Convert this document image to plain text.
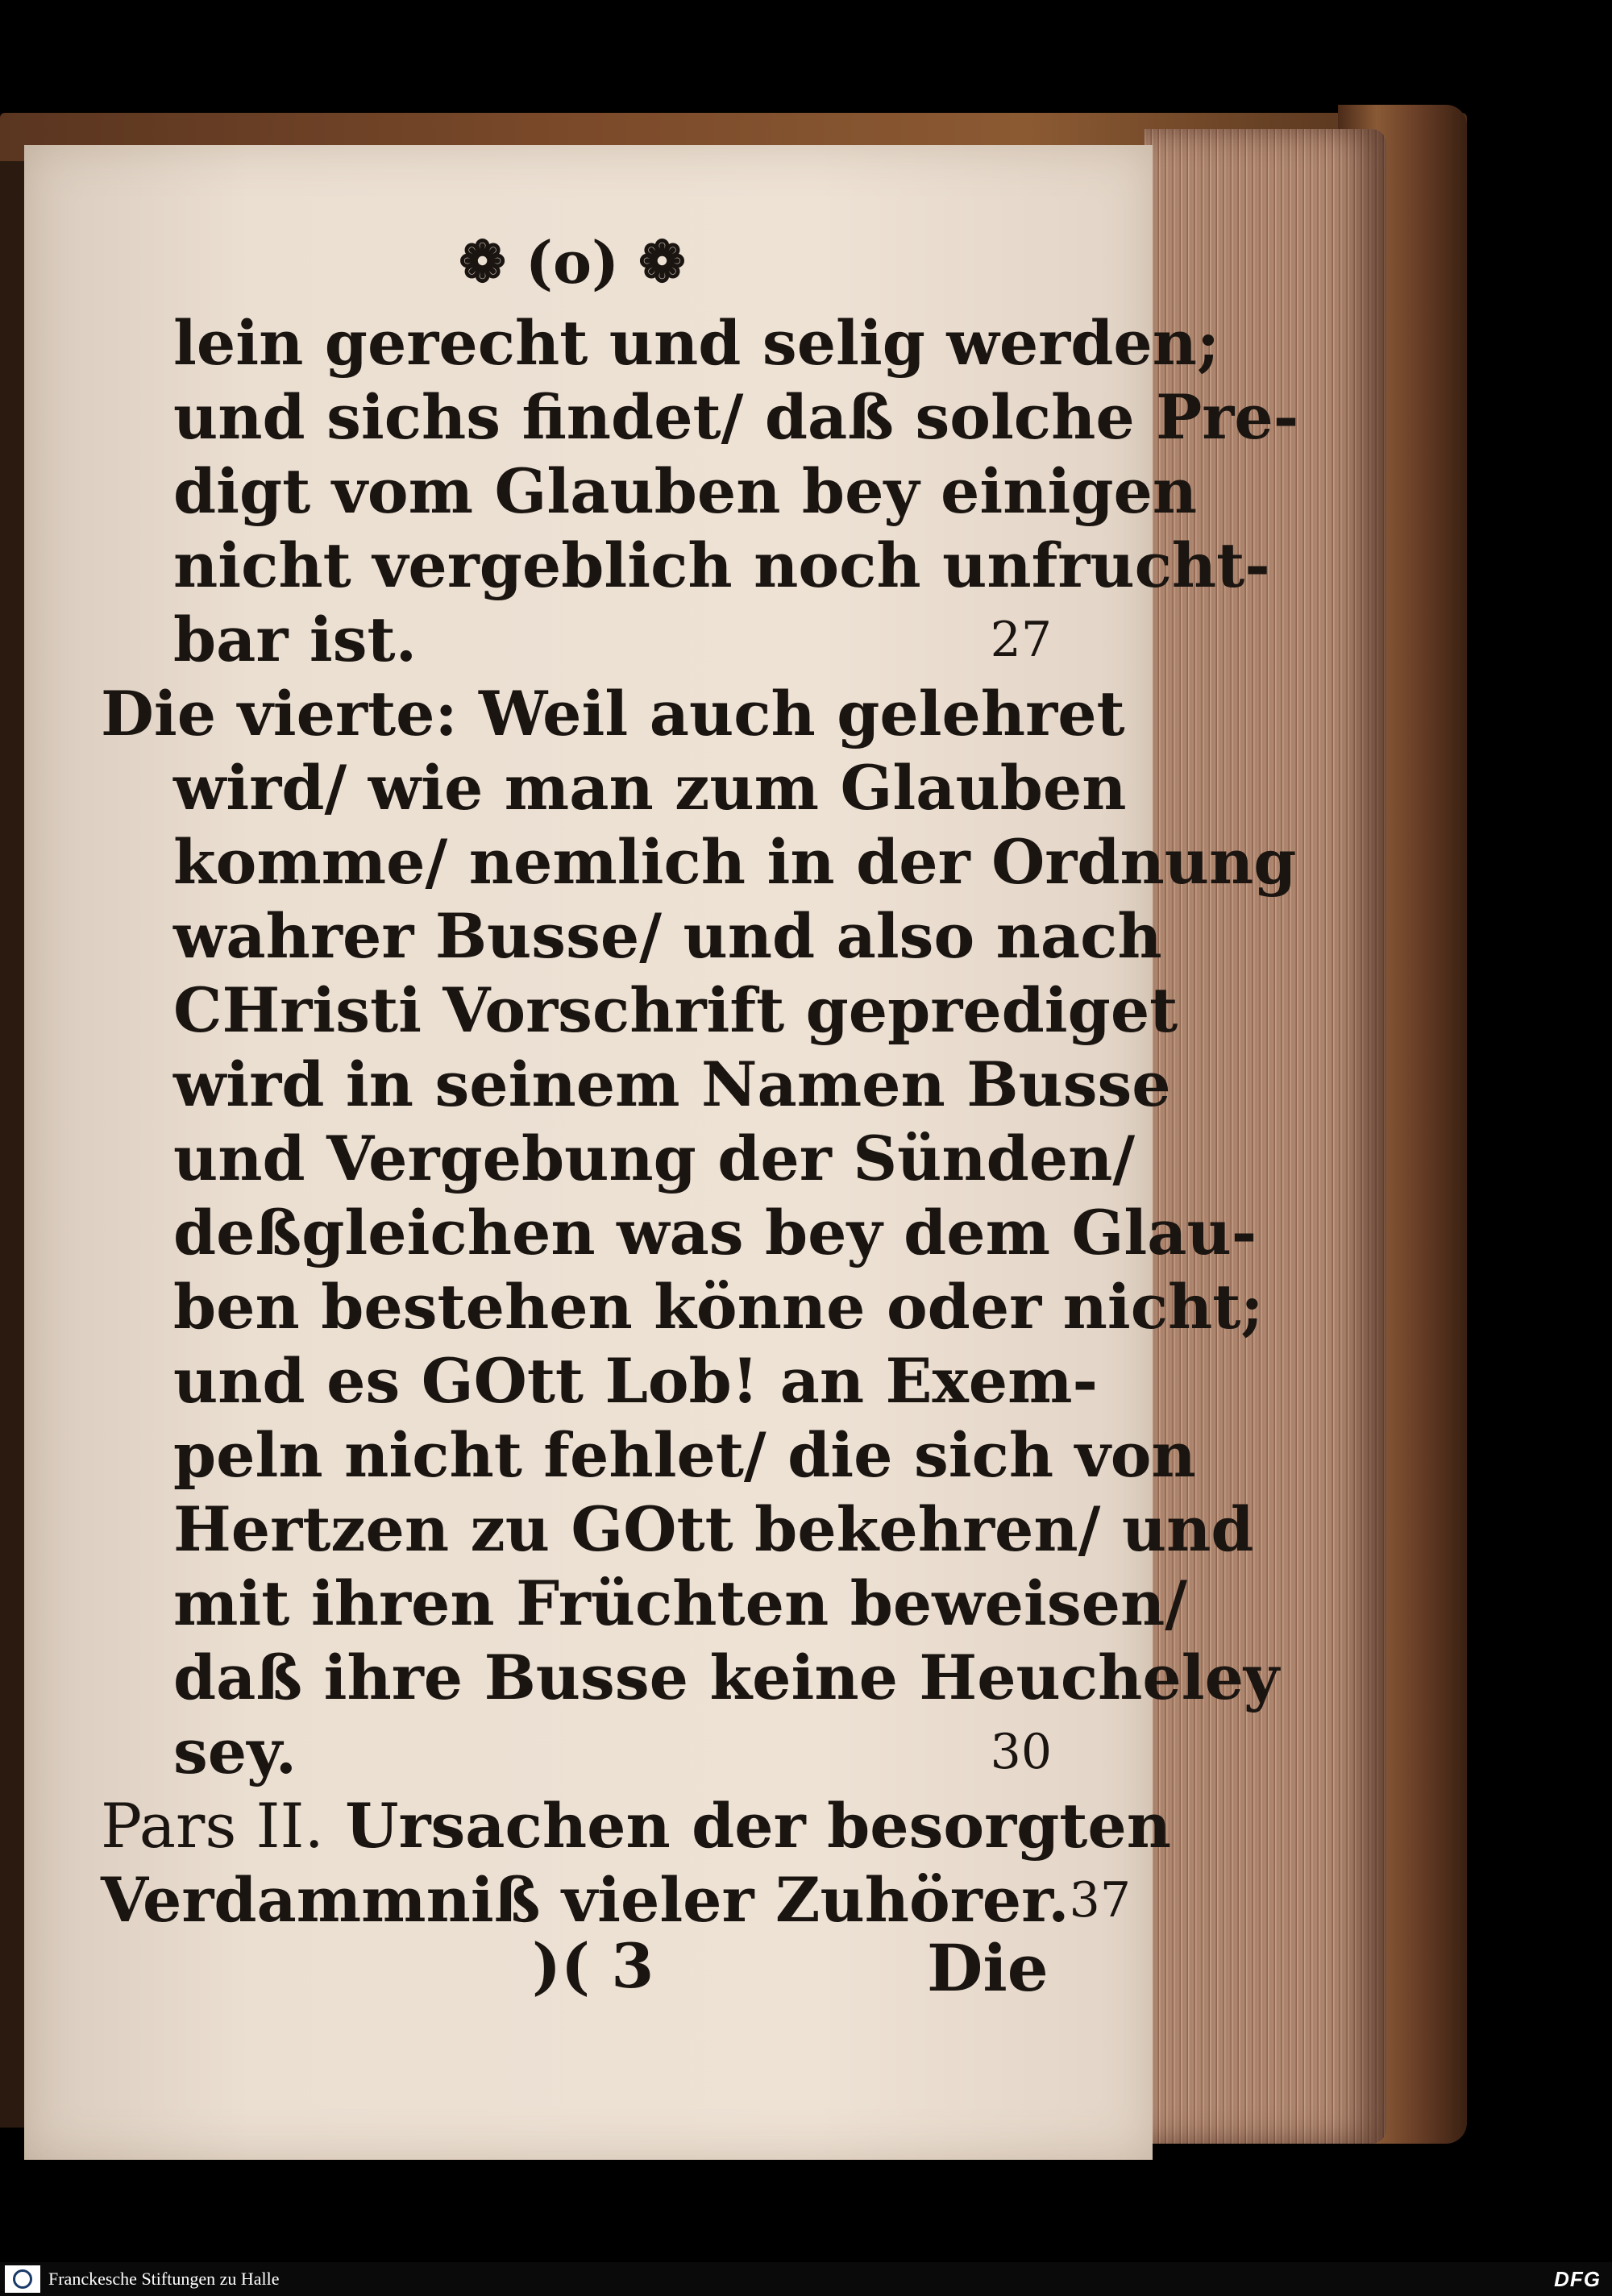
❁ (o) ❁
lein gerecht und selig werden;
und sichs findet/ daß solche Pre-
digt vom Glauben bey einigen
nicht vergeblich noch unfrucht-
bar ist.	27
Die vierte: Weil auch gelehret
wird/ wie man zum Glauben
komme/ nemlich in der Ordnung
wahrer Busse/ und also nach
CHristi Vorschrift geprediget
wird in seinem Namen Busse
und Vergebung der Sünden/
deßgleichen was bey dem Glau-
ben bestehen könne oder nicht;
und es GOtt Lob! an Exem-
peln nicht fehlet/ die sich von
Hertzen zu GOtt bekehren/ und
mit ihren Früchten beweisen/
daß ihre Busse keine Heucheley
sey.	30
Pars II. Ursachen der besorgten
Verdammniß vieler Zuhörer. 37
)( 3	Die
Franckesche Stiftungen zu Halle	DFG
